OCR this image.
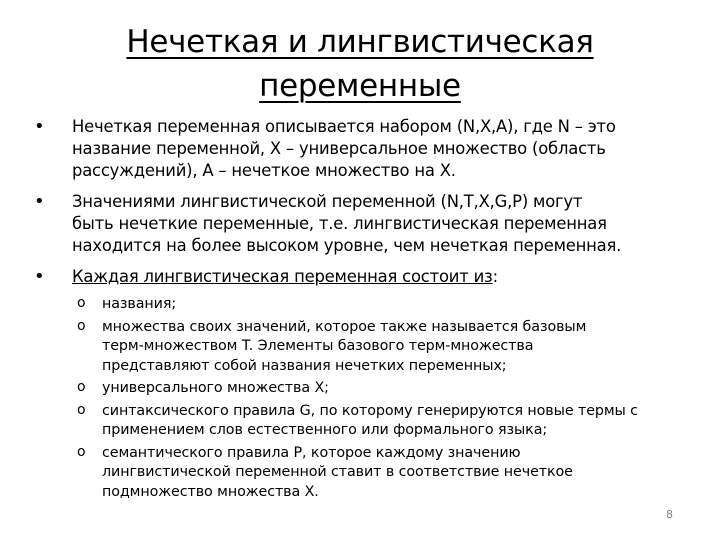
Нечеткая и лингвистическая
переменные
• Нечеткая переменная описывается набором (N,X,A), где N – это
название переменной, X – универсальное множество (область
рассуждений), A – нечеткое множество на X.
• Значениями лингвистической переменной (N,T,X,G,P) могут
быть нечеткие переменные, т.е. лингвистическая переменная
находится на более высоком уровне, чем нечеткая переменная.
• Каждая лингвистическая переменная состоит из:
o названия;
o множества своих значений, которое также называется базовым
терм-множеством T. Элементы базового терм-множества
представляют собой названия нечетких переменных;
o универсального множества X;
o синтаксического правила G, по которому генерируются новые термы с
применением слов естественного или формального языка;
o семантического правила P, которое каждому значению
лингвистической переменной ставит в соответствие нечеткое
подмножество множества X.
8
